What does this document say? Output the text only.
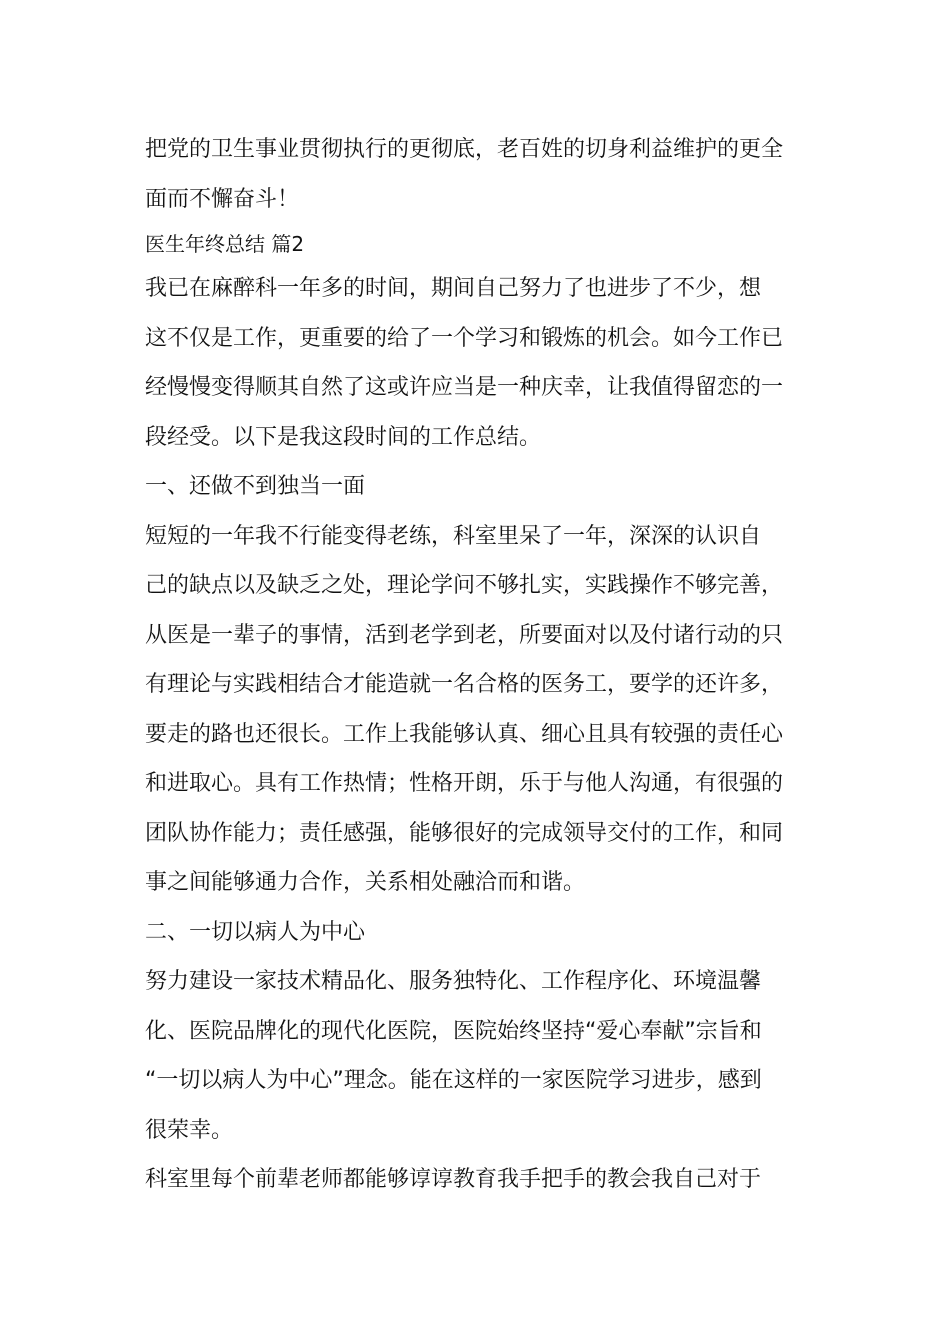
把党的卫生事业贯彻执行的更彻底，老百姓的切身利益维护的更全
面而不懈奋斗！
医生年终总结 篇2
我已在麻醉科一年多的时间，期间自己努力了也进步了不少，想
这不仅是工作，更重要的给了一个学习和锻炼的机会。如今工作已
经慢慢变得顺其自然了这或许应当是一种庆幸，让我值得留恋的一
段经受。以下是我这段时间的工作总结。
一、还做不到独当一面
短短的一年我不行能变得老练，科室里呆了一年，深深的认识自
己的缺点以及缺乏之处，理论学问不够扎实，实践操作不够完善，
从医是一辈子的事情，活到老学到老，所要面对以及付诸行动的只
有理论与实践相结合才能造就一名合格的医务工，要学的还许多，
要走的路也还很长。工作上我能够认真、细心且具有较强的责任心
和进取心。具有工作热情；性格开朗，乐于与他人沟通，有很强的
团队协作能力；责任感强，能够很好的完成领导交付的工作，和同
事之间能够通力合作，关系相处融洽而和谐。
二、一切以病人为中心
努力建设一家技术精品化、服务独特化、工作程序化、环境温馨
化、医院品牌化的现代化医院，医院始终坚持“爱心奉献”宗旨和
“一切以病人为中心”理念。能在这样的一家医院学习进步，感到
很荣幸。
科室里每个前辈老师都能够谆谆教育我手把手的教会我自己对于
